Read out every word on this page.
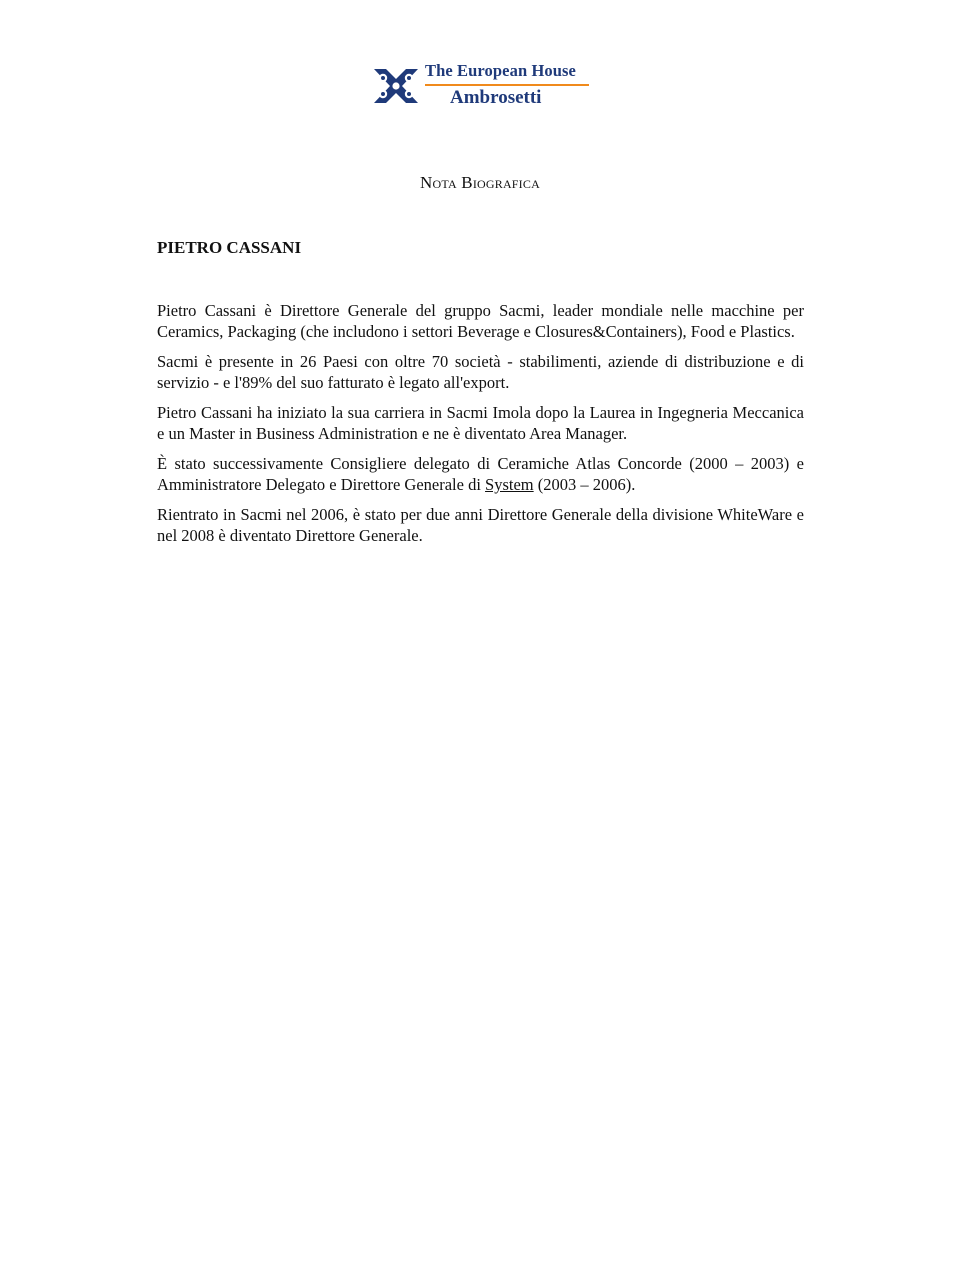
The European House
Ambrosetti
Nota Biografica
PIETRO CASSANI

Pietro Cassani è Direttore Generale del gruppo Sacmi, leader mondiale nelle macchine per Ceramics, Packaging (che includono i settori Beverage e Closures&Containers), Food e Plastics.

Sacmi è presente in 26 Paesi con oltre 70 società - stabilimenti, aziende di distribuzione e di servizio - e l'89% del suo fatturato è legato all'export.

Pietro Cassani ha iniziato la sua carriera in Sacmi Imola dopo la Laurea in Ingegneria Meccanica e un Master in Business Administration e ne è diventato Area Manager.

È stato successivamente Consigliere delegato di Ceramiche Atlas Concorde (2000 – 2003) e Amministratore Delegato e Direttore Generale di System (2003 – 2006).

Rientrato in Sacmi nel 2006, è stato per due anni Direttore Generale della divisione WhiteWare e nel 2008 è diventato Direttore Generale.
